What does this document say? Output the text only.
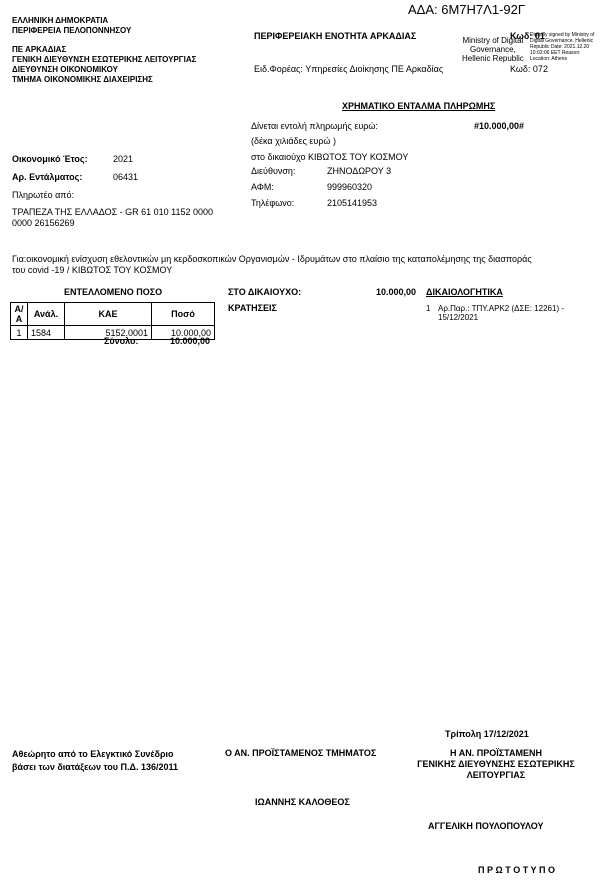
ΑΔΑ: 6Μ7Η7Λ1-92Γ
ΕΛΛΗΝΙΚΗ ΔΗΜΟΚΡΑΤΙΑ
ΠΕΡΙΦΕΡΕΙΑ ΠΕΛΟΠΟΝΝΗΣΟΥ
ΠΕ ΑΡΚΑΔΙΑΣ
ΓΕΝΙΚΗ ΔΙΕΥΘΥΝΣΗ ΕΣΩΤΕΡΙΚΗΣ ΛΕΙΤΟΥΡΓΙΑΣ
ΔΙΕΥΘΥΝΣΗ ΟΙΚΟΝΟΜΙΚΟΥ
ΤΜΗΜΑ ΟΙΚΟΝΟΜΙΚΗΣ ΔΙΑΧΕΙΡΙΣΗΣ
ΠΕΡΙΦΕΡΕΙΑΚΗ ΕΝΟΤΗΤΑ ΑΡΚΑΔΙΑΣ	Κωδ: 01
Ειδ.Φορέας: Υπηρεσίες Διοίκησης ΠΕ Αρκαδίας	Κωδ: 072
Ministry of Digital
Governance,
Hellenic Republic
Digitally signed by Ministry of Digital Governance, Hellenic Republic Date: 2021.12.20 10:02:06 EET Reason: Location: Athens
ΧΡΗΜΑΤΙΚΟ ΕΝΤΑΛΜΑ ΠΛΗΡΩΜΗΣ
Δίνεται εντολή πληρωμής ευρώ:	#10.000,00#
(δέκα χιλιάδες ευρώ )
στο δικαιούχο ΚΙΒΩΤΟΣ ΤΟΥ ΚΟΣΜΟΥ
Διεύθυνση:	ΖΗΝΟΔΩΡΟΥ 3
ΑΦΜ:	999960320
Τηλέφωνο:	2105141953
Οικονομικό Έτος:	2021
Αρ. Εντάλματος:	06431
Πληρωτέο από:
ΤΡΑΠΕΖΑ ΤΗΣ ΕΛΛΑΔΟΣ - GR 61 010 1152 0000
0000 26156269
Για:οικονομική ενίσχυση εθελοντικών μη κερδοσκοπικών Οργανισμών - Ιδρυμάτων στο πλαίσιο της καταπολέμησης της διασποράς
του covid -19 / ΚΙΒΩΤΟΣ ΤΟΥ ΚΟΣΜΟΥ
ΕΝΤΕΛΛΟΜΕΝΟ ΠΟΣΟ
Α/Α	Ανάλ.	ΚΑΕ	Ποσό
1	1584	5152.0001	10.000,00
Σύνολο:	10.000,00
ΣΤΟ ΔΙΚΑΙΟΥΧΟ:	10.000,00
ΚΡΑΤΗΣΕΙΣ
ΔΙΚΑΙΟΛΟΓΗΤΙΚΑ
1 Αρ.Παρ.: ΤΠΥ.ΑΡΚ2 (ΔΣΕ: 12261) -
15/12/2021
Τρίπολη 17/12/2021
Αθεώρητο από το Ελεγκτικό Συνέδριο
βάσει των διατάξεων του Π.Δ. 136/2011
Ο ΑΝ. ΠΡΟΪΣΤΑΜΕΝΟΣ ΤΜΗΜΑΤΟΣ
ΙΩΑΝΝΗΣ ΚΑΛΟΘΕΟΣ
Η ΑΝ. ΠΡΟΪΣΤΑΜΕΝΗ
ΓΕΝΙΚΗΣ ΔΙΕΥΘΥΝΣΗΣ ΕΣΩΤΕΡΙΚΗΣ
ΛΕΙΤΟΥΡΓΙΑΣ
ΑΓΓΕΛΙΚΗ ΠΟΥΛΟΠΟΥΛΟΥ
Π Ρ Ω Τ Ο Τ Υ Π Ο
